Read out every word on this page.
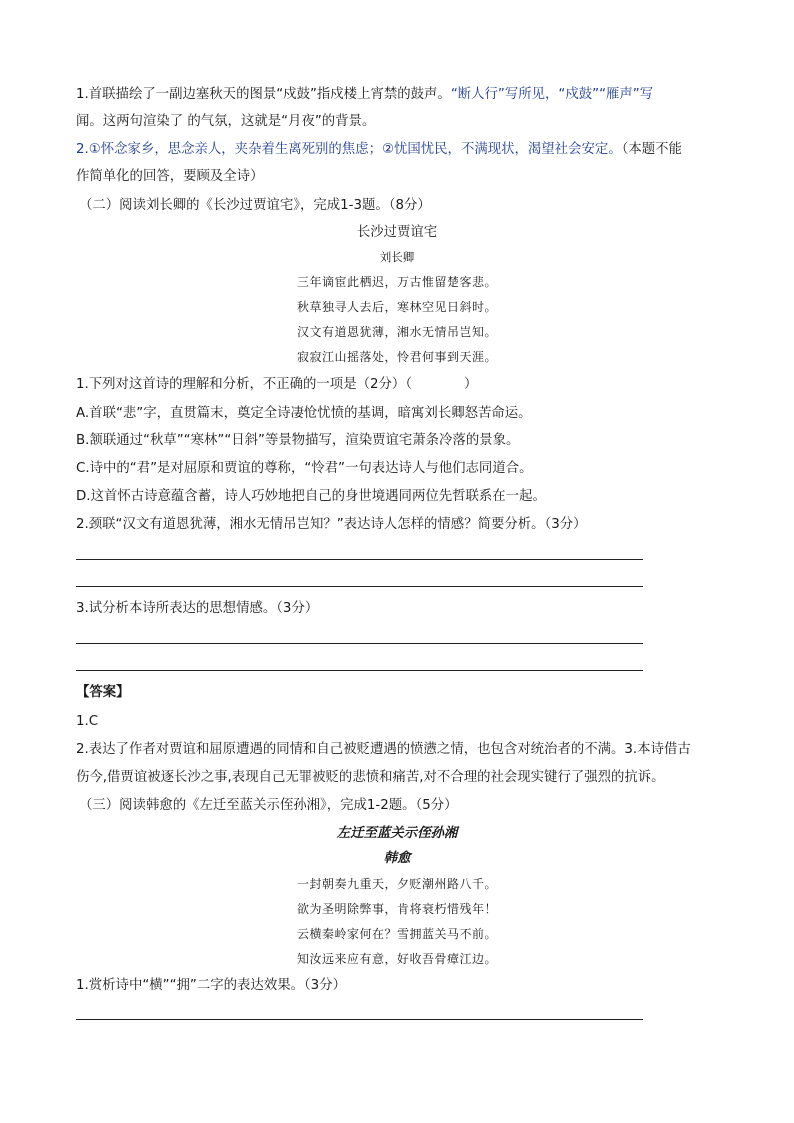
1.首联描绘了一副边塞秋天的图景“戍鼓”指戍楼上宵禁的鼓声。“断人行”写所见，“戍鼓”“雁声”写
闻。这两句渲染了 的气氛，这就是“月夜”的背景。
2.①怀念家乡，思念亲人，夹杂着生离死别的焦虑；②忧国忧民，不满现状，渴望社会安定。（本题不能
作简单化的回答，要顾及全诗）
（二）阅读刘长卿的《长沙过贾谊宅》，完成1-3题。（8分）
长沙过贾谊宅
刘长卿
三年谪宦此栖迟，万古惟留楚客悲。
秋草独寻人去后，寒林空见日斜时。
汉文有道恩犹薄，湘水无情吊岂知。
寂寂江山摇落处，怜君何事到天涯。
1.下列对这首诗的理解和分析，不正确的一项是（2分）（	）
A.首联“悲”字，直贯篇末，奠定全诗凄怆忧愤的基调，暗寓刘长卿怒苦命运。
B.颔联通过“秋草”“寒林”“日斜”等景物描写，渲染贾谊宅萧条冷落的景象。
C.诗中的“君”是对屈原和贾谊的尊称，“怜君”一句表达诗人与他们志同道合。
D.这首怀古诗意蕴含蓄，诗人巧妙地把自己的身世境遇同两位先哲联系在一起。
2.颈联“汉文有道恩犹薄，湘水无情吊岂知？”表达诗人怎样的情感？简要分析。（3分）
3.试分析本诗所表达的思想情感。（3分）
【答案】
1.C
2.表达了作者对贾谊和屈原遭遇的同情和自己被贬遭遇的愤懑之情，也包含对统治者的不满。3.本诗借古
伤今,借贾谊被逐长沙之事,表现自己无罪被贬的悲愤和痛苦,对不合理的社会现实键行了强烈的抗诉。
（三）阅读韩愈的《左迁至蓝关示侄孙湘》，完成1-2题。（5分）
左迁至蓝关示侄孙湘
韩愈
一封朝奏九重天，夕贬潮州路八千。
欲为圣明除弊事，肯将衰朽惜残年！
云横秦岭家何在？雪拥蓝关马不前。
知汝远来应有意，好收吾骨瘴江边。
1.赏析诗中“横”“拥”二字的表达效果。（3分）
